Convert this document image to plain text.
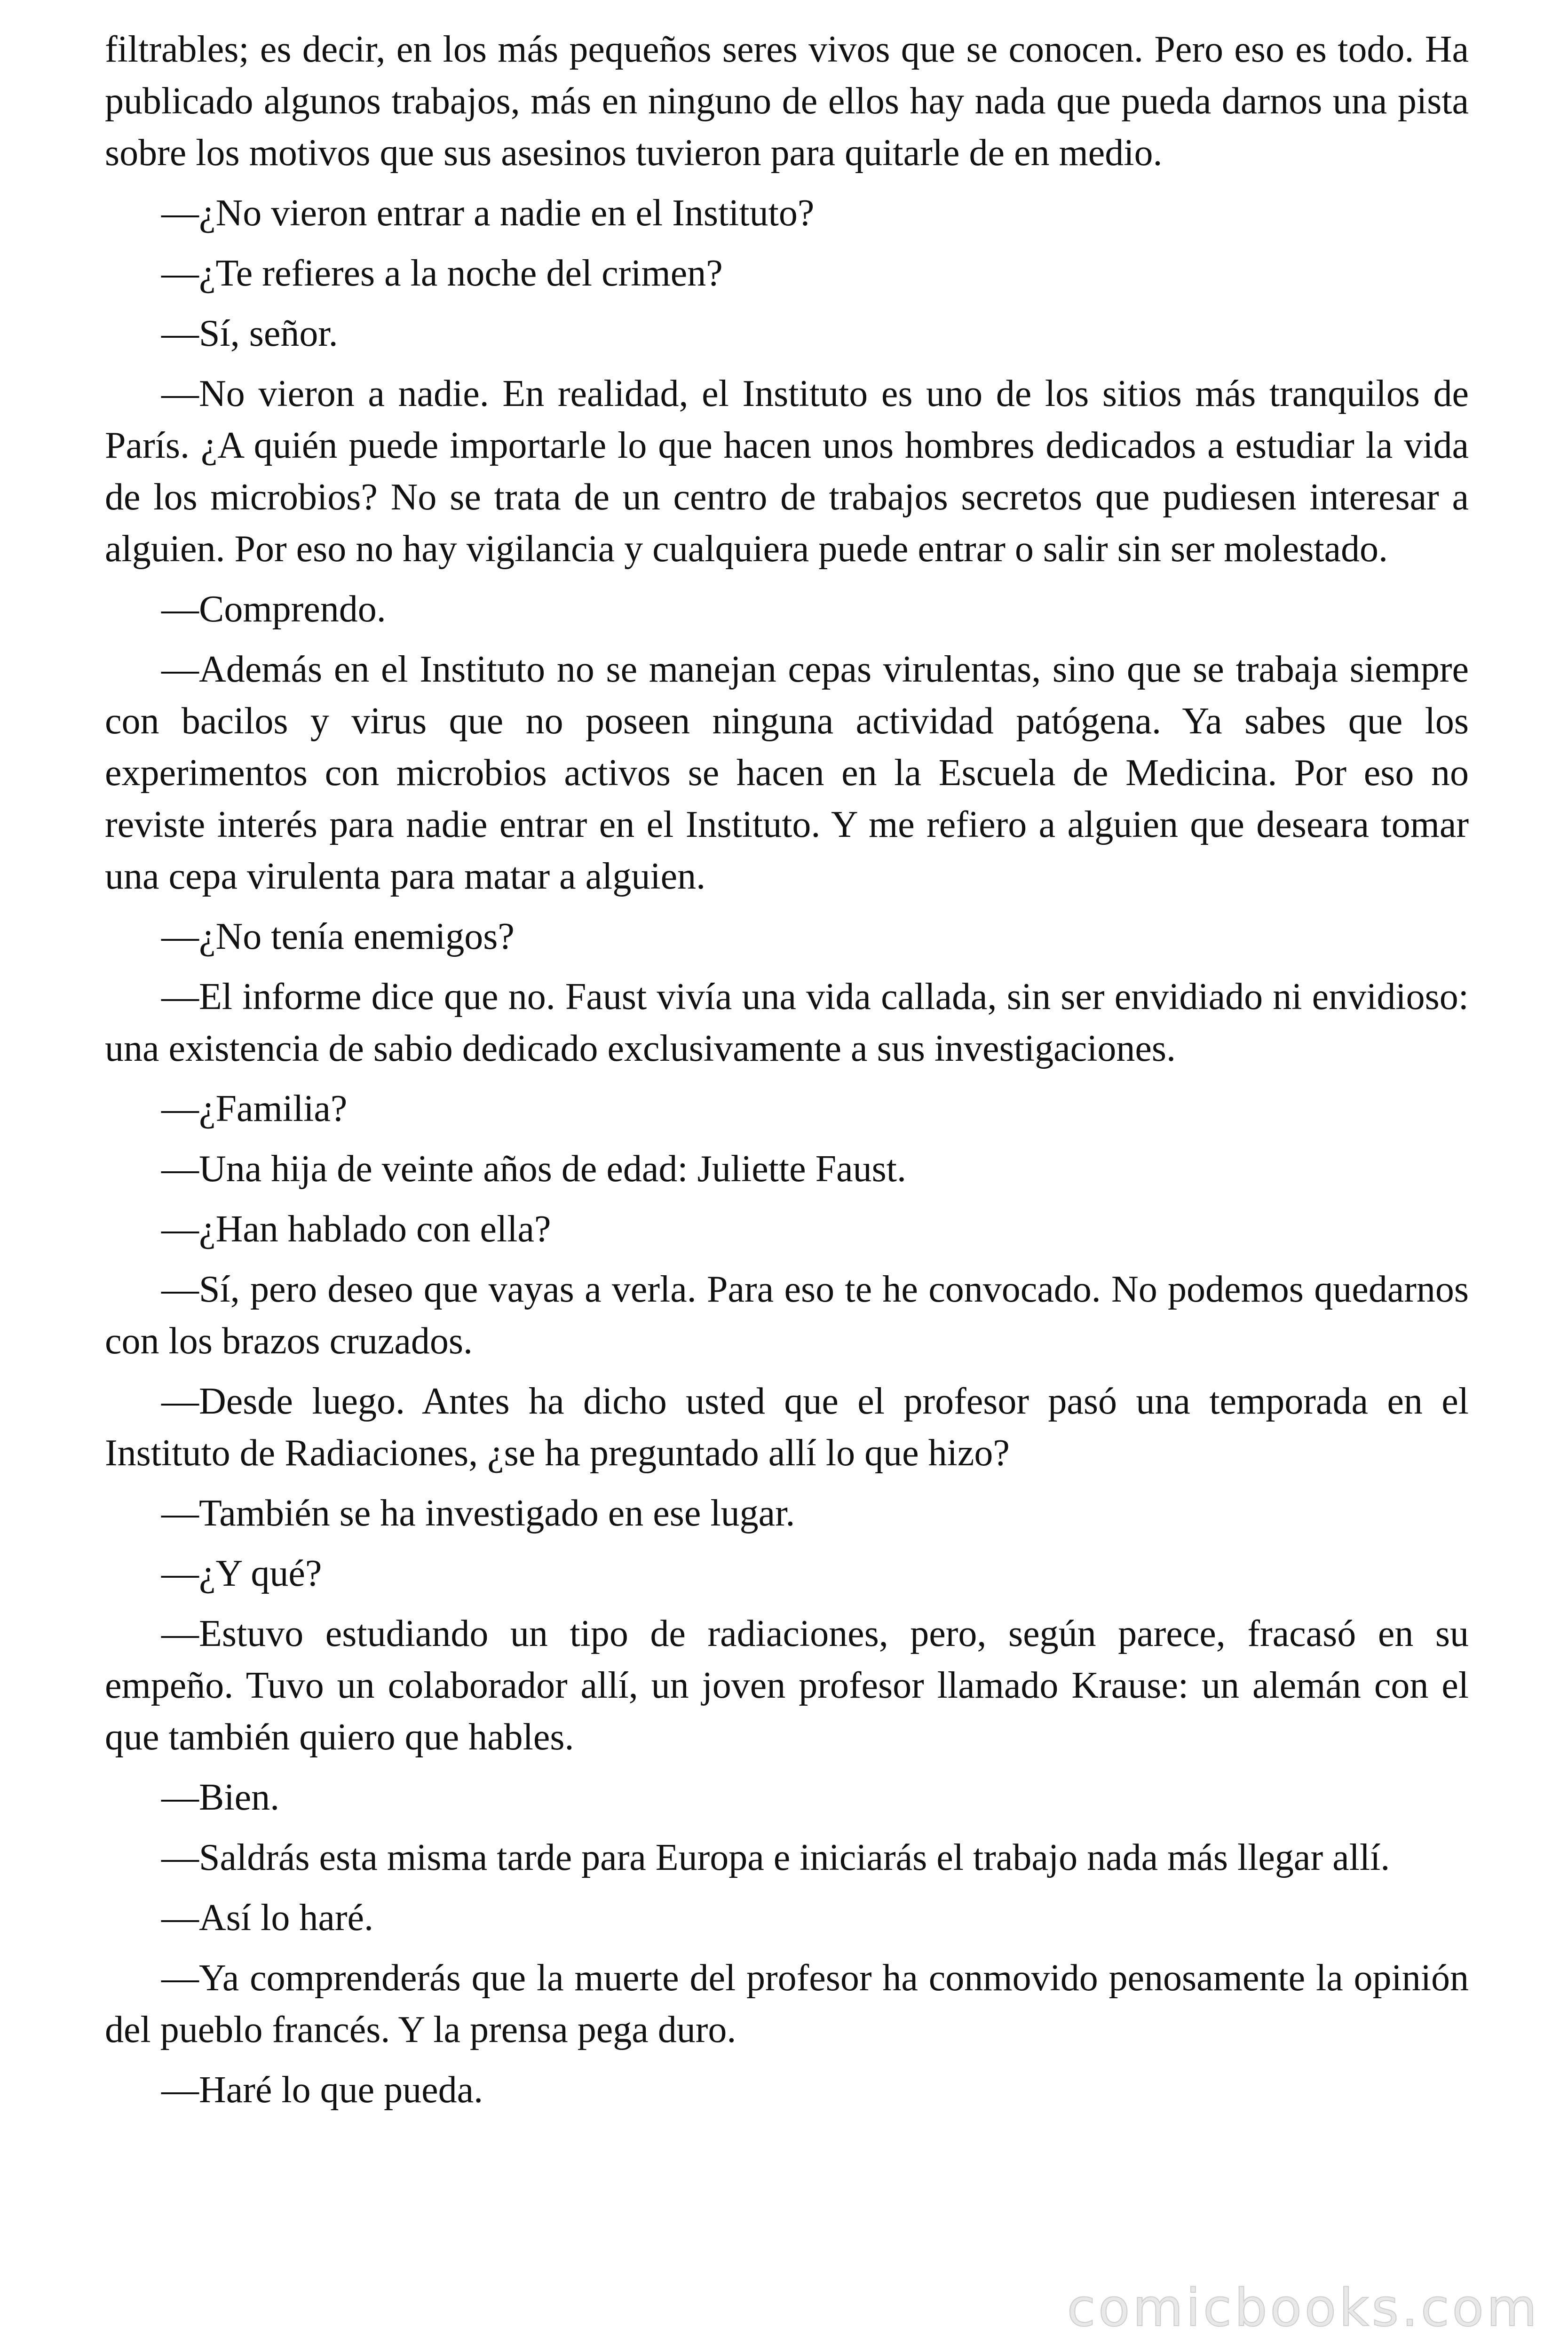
filtrables; es decir, en los más pequeños seres vivos que se conocen. Pero eso es todo. Ha publicado algunos trabajos, más en ninguno de ellos hay nada que pueda darnos una pista sobre los motivos que sus asesinos tuvieron para quitarle de en medio.

—¿No vieron entrar a nadie en el Instituto?

—¿Te refieres a la noche del crimen?

—Sí, señor.

—No vieron a nadie. En realidad, el Instituto es uno de los sitios más tranquilos de París. ¿A quién puede importarle lo que hacen unos hombres dedicados a estudiar la vida de los microbios? No se trata de un centro de trabajos secretos que pudiesen interesar a alguien. Por eso no hay vigilancia y cualquiera puede entrar o salir sin ser molestado.

—Comprendo.

—Además en el Instituto no se manejan cepas virulentas, sino que se trabaja siempre con bacilos y virus que no poseen ninguna actividad patógena. Ya sabes que los experimentos con microbios activos se hacen en la Escuela de Medicina. Por eso no reviste interés para nadie entrar en el Instituto. Y me refiero a alguien que deseara tomar una cepa virulenta para matar a alguien.

—¿No tenía enemigos?

—El informe dice que no. Faust vivía una vida callada, sin ser envidiado ni envidioso: una existencia de sabio dedicado exclusivamente a sus investigaciones.

—¿Familia?

—Una hija de veinte años de edad: Juliette Faust.

—¿Han hablado con ella?

—Sí, pero deseo que vayas a verla. Para eso te he convocado. No podemos quedarnos con los brazos cruzados.

—Desde luego. Antes ha dicho usted que el profesor pasó una temporada en el Instituto de Radiaciones, ¿se ha preguntado allí lo que hizo?

—También se ha investigado en ese lugar.

—¿Y qué?

—Estuvo estudiando un tipo de radiaciones, pero, según parece, fracasó en su empeño. Tuvo un colaborador allí, un joven profesor llamado Krause: un alemán con el que también quiero que hables.

—Bien.

—Saldrás esta misma tarde para Europa e iniciarás el trabajo nada más llegar allí.

—Así lo haré.

—Ya comprenderás que la muerte del profesor ha conmovido penosamente la opinión del pueblo francés. Y la prensa pega duro.

—Haré lo que pueda.

comicbooks.com
